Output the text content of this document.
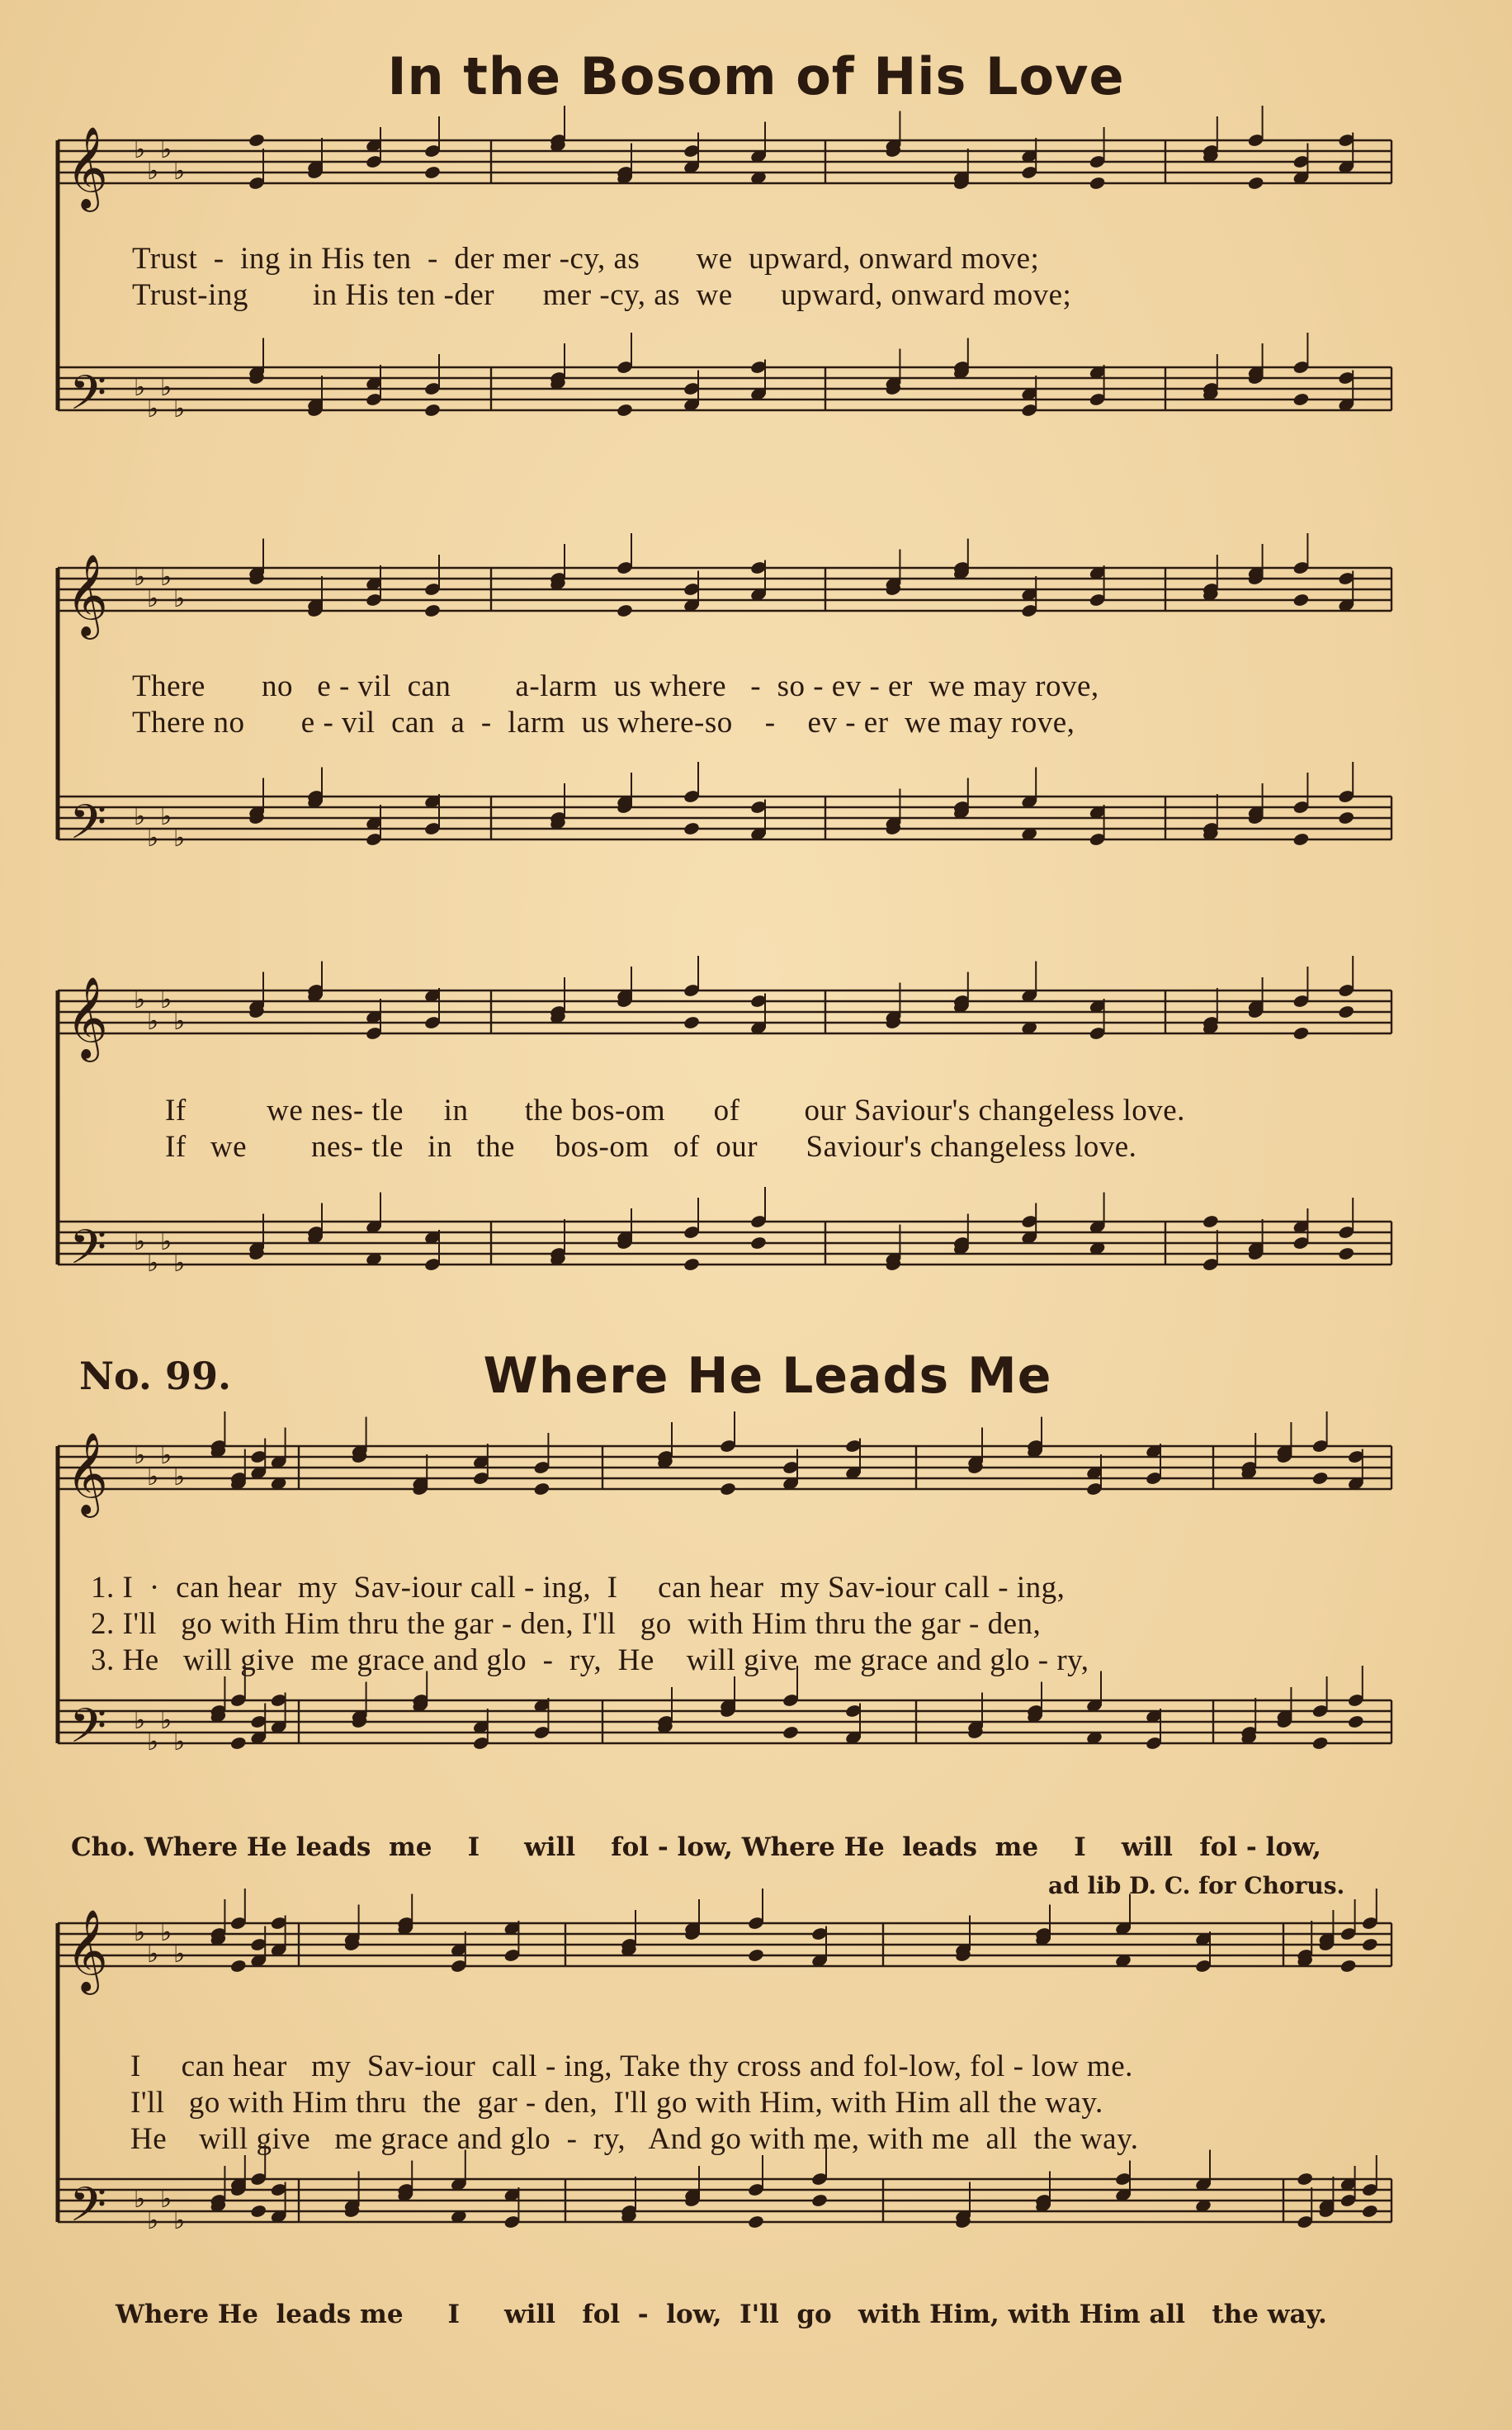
In the Bosom of His Love
𝄞
𝄢
♭
♭
♭
♭
♭
♭
♭
♭
𝄞
𝄢
♭
♭
♭
♭
♭
♭
♭
♭
𝄞
𝄢
♭
♭
♭
♭
♭
♭
♭
♭
𝄞
𝄢
♭
♭
♭
♭
♭
♭
♭
♭
𝄞
𝄢
♭
♭
♭
♭
♭
♭
♭
♭
Trust  -  ing in His ten  -  der mer -cy, as       we  upward, onward move;
Trust-ing        in His ten -der      mer -cy, as  we      upward, onward move;
There       no   e - vil  can        a-larm  us where   -  so - ev - er  we may rove,
There no       e - vil  can  a  -  larm  us where-so    -    ev - er  we may rove,
If          we nes- tle     in       the bos-om      of        our Saviour's changeless love.
If   we        nes- tle   in   the     bos-om   of  our      Saviour's changeless love.
No. 99.	Where He Leads Me
1. I  ·  can hear  my  Sav-iour call - ing,  I     can hear  my Sav-iour call - ing,
2. I'll   go with Him thru the gar - den, I'll   go  with Him thru the gar - den,
3. He   will give  me grace and glo  -  ry,  He    will give  me grace and glo - ry,
Cho. Where He leads  me    I     will    fol - low, Where He  leads  me    I    will   fol - low,
ad lib D. C. for Chorus.
I     can hear   my  Sav-iour  call - ing, Take thy cross and fol-low, fol - low me.
I'll   go with Him thru  the  gar - den,  I'll go with Him, with Him all the way.
He    will give   me grace and glo  -  ry,   And go with me, with me  all  the way.
Where He  leads me     I     will   fol  -  low,  I'll  go   with Him, with Him all   the way.
